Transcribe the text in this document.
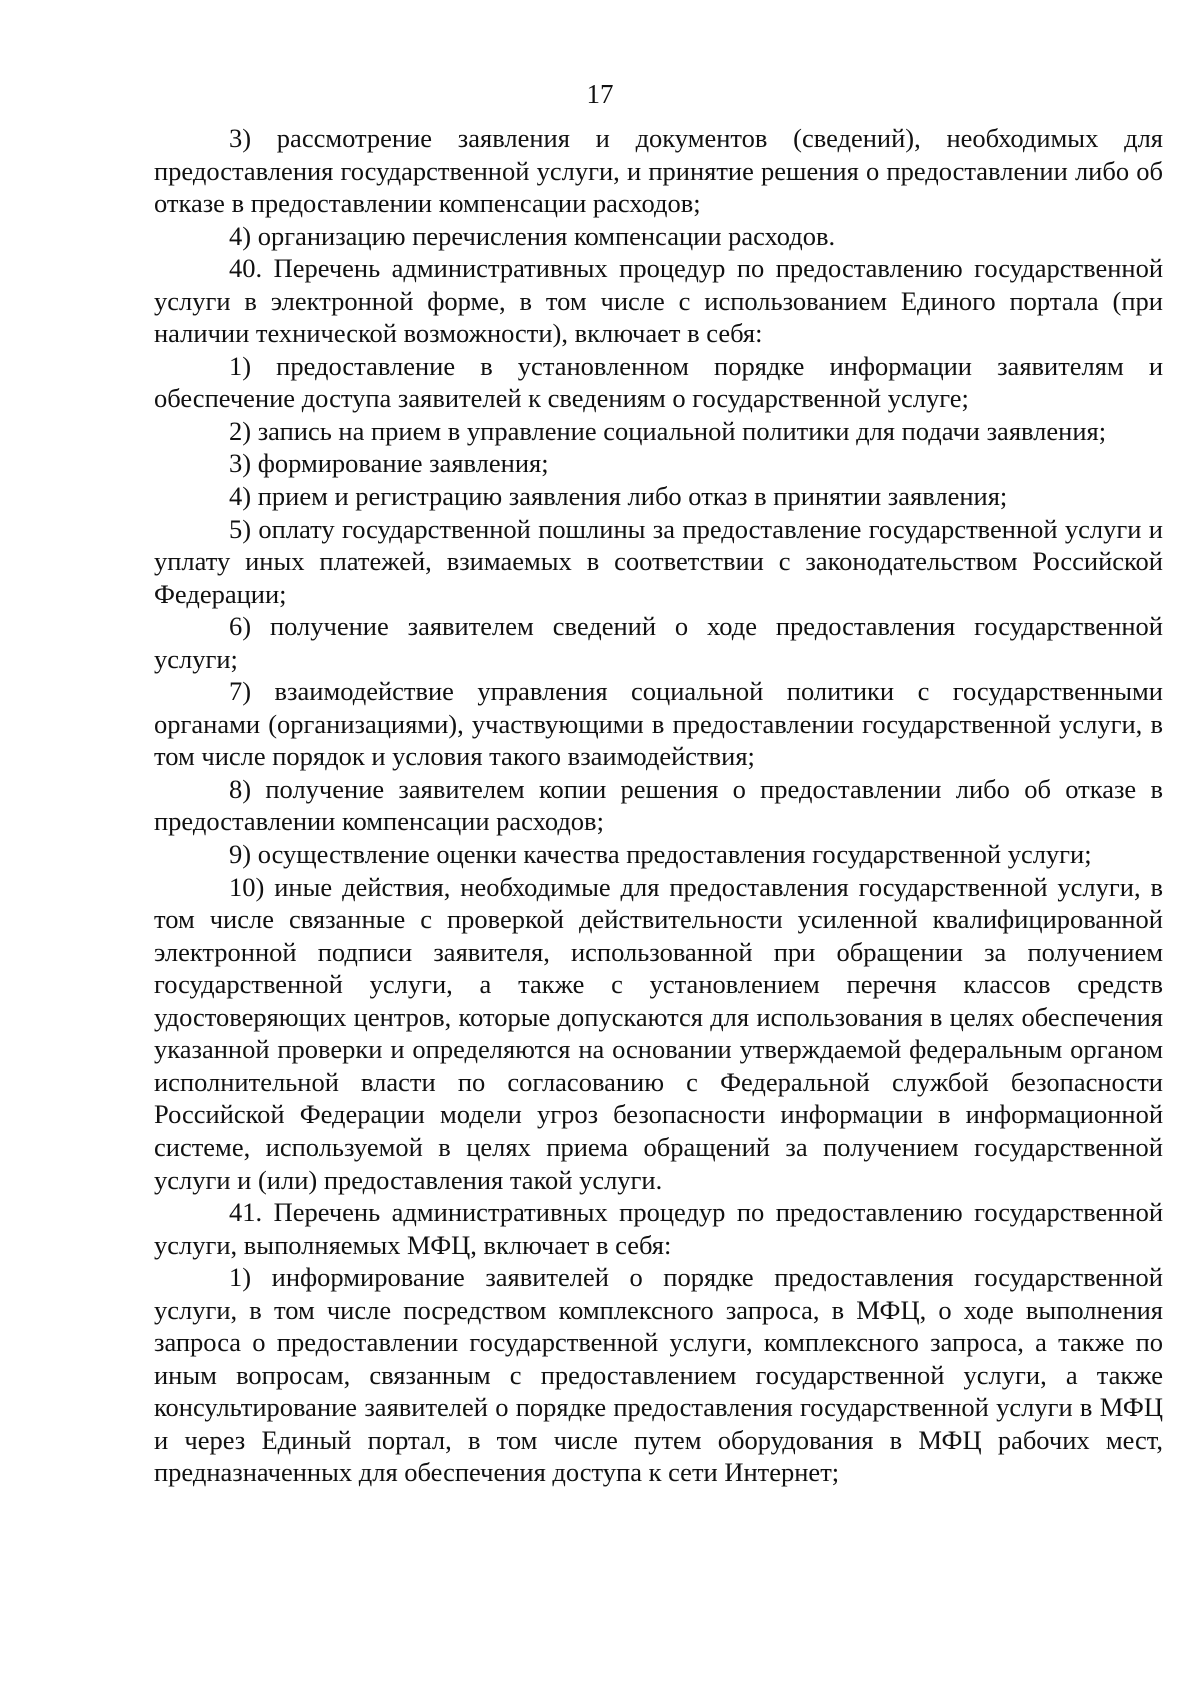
17

3) рассмотрение заявления и документов (сведений), необходимых для предоставления государственной услуги, и принятие решения о предоставлении либо об отказе в предоставлении компенсации расходов;

4) организацию перечисления компенсации расходов.

40. Перечень административных процедур по предоставлению государственной услуги в электронной форме, в том числе с использованием Единого портала (при наличии технической возможности), включает в себя:

1) предоставление в установленном порядке информации заявителям и обеспечение доступа заявителей к сведениям о государственной услуге;

2) запись на прием в управление социальной политики для подачи заявления;

3) формирование заявления;

4) прием и регистрацию заявления либо отказ в принятии заявления;

5) оплату государственной пошлины за предоставление государственной услуги и уплату иных платежей, взимаемых в соответствии с законодательством Российской Федерации;

6) получение заявителем сведений о ходе предоставления государственной услуги;

7) взаимодействие управления социальной политики с государственными органами (организациями), участвующими в предоставлении государственной услуги, в том числе порядок и условия такого взаимодействия;

8) получение заявителем копии решения о предоставлении либо об отказе в предоставлении компенсации расходов;

9) осуществление оценки качества предоставления государственной услуги;

10) иные действия, необходимые для предоставления государственной услуги, в том числе связанные с проверкой действительности усиленной квалифицированной электронной подписи заявителя, использованной при обращении за получением государственной услуги, а также с установлением перечня классов средств удостоверяющих центров, которые допускаются для использования в целях обеспечения указанной проверки и определяются на основании утверждаемой федеральным органом исполнительной власти по согласованию с Федеральной службой безопасности Российской Федерации модели угроз безопасности информации в информационной системе, используемой в целях приема обращений за получением государственной услуги и (или) предоставления такой услуги.

41. Перечень административных процедур по предоставлению государственной услуги, выполняемых МФЦ, включает в себя:

1) информирование заявителей о порядке предоставления государственной услуги, в том числе посредством комплексного запроса, в МФЦ, о ходе выполнения запроса о предоставлении государственной услуги, комплексного запроса, а также по иным вопросам, связанным с предоставлением государственной услуги, а также консультирование заявителей о порядке предоставления государственной услуги в МФЦ и через Единый портал, в том числе путем оборудования в МФЦ рабочих мест, предназначенных для обеспечения доступа к сети Интернет;
